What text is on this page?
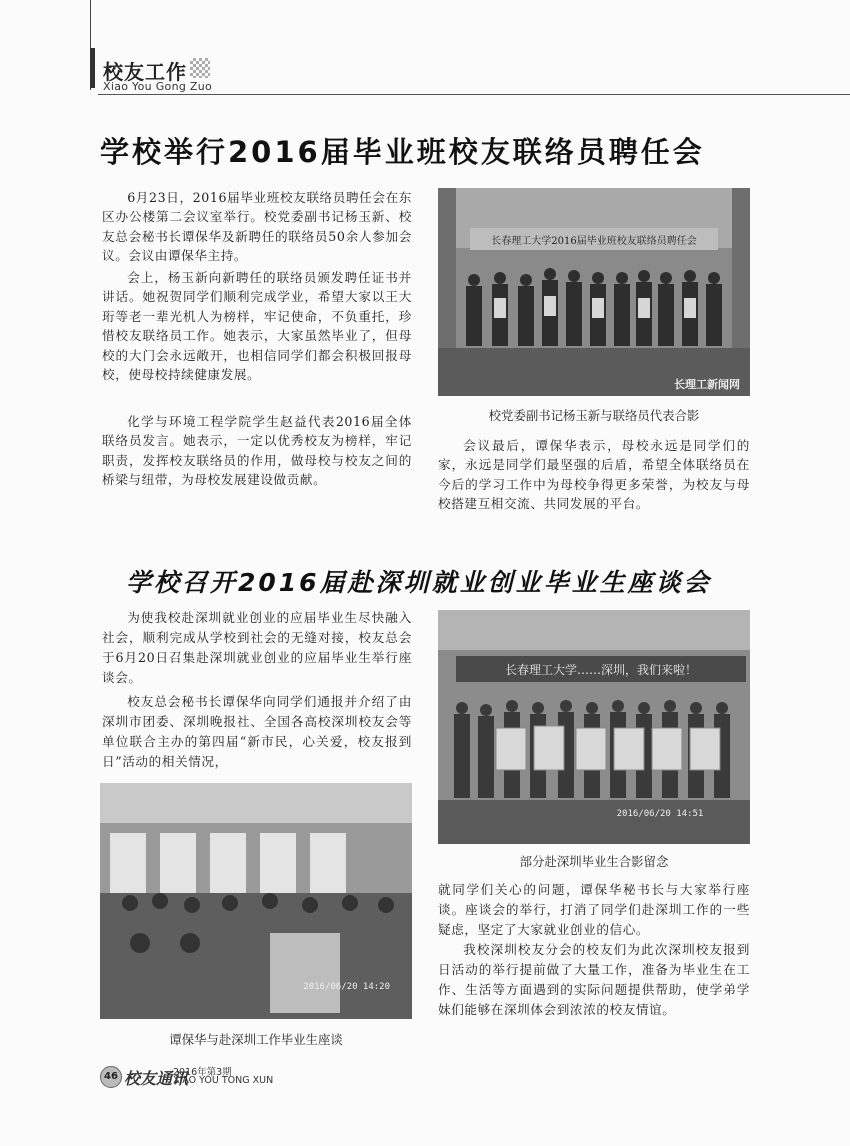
校友工作
Xiao You Gong Zuo
学校举行2016届毕业班校友联络员聘任会

6月23日，2016届毕业班校友联络员聘任会在东区办公楼第二会议室举行。校党委副书记杨玉新、校友总会秘书长谭保华及新聘任的联络员50余人参加会议。会议由谭保华主持。

会上，杨玉新向新聘任的联络员颁发聘任证书并讲话。她祝贺同学们顺利完成学业，希望大家以王大珩等老一辈光机人为榜样，牢记使命，不负重托，珍惜校友联络员工作。她表示，大家虽然毕业了，但母校的大门会永远敞开，也相信同学们都会积极回报母校，使母校持续健康发展。

化学与环境工程学院学生赵益代表2016届全体联络员发言。她表示，一定以优秀校友为榜样，牢记职责，发挥校友联络员的作用，做母校与校友之间的桥梁与纽带，为母校发展建设做贡献。

长春理工大学2016届毕业班校友联络员聘任会
长理工新闻网
校党委副书记杨玉新与联络员代表合影

会议最后，谭保华表示，母校永远是同学们的家，永远是同学们最坚强的后盾，希望全体联络员在今后的学习工作中为母校争得更多荣誉，为校友与母校搭建互相交流、共同发展的平台。

学校召开2016届赴深圳就业创业毕业生座谈会

为使我校赴深圳就业创业的应届毕业生尽快融入社会，顺利完成从学校到社会的无缝对接，校友总会于6月20日召集赴深圳就业创业的应届毕业生举行座谈会。

校友总会秘书长谭保华向同学们通报并介绍了由深圳市团委、深圳晚报社、全国各高校深圳校友会等单位联合主办的第四届“新市民，心关爱，校友报到日”活动的相关情况，

2016/06/20 14:20
谭保华与赴深圳工作毕业生座谈
长春理工大学……深圳，我们来啦！
2016/06/20 14:51
部分赴深圳毕业生合影留念

就同学们关心的问题，谭保华秘书长与大家举行座谈。座谈会的举行，打消了同学们赴深圳工作的一些疑虑，坚定了大家就业创业的信心。

我校深圳校友分会的校友们为此次深圳校友报到日活动的举行提前做了大量工作，准备为毕业生在工作、生活等方面遇到的实际问题提供帮助，使学弟学妹们能够在深圳体会到浓浓的校友情谊。

46 校友通讯
2016年第3期
XIAO YOU TONG XUN
